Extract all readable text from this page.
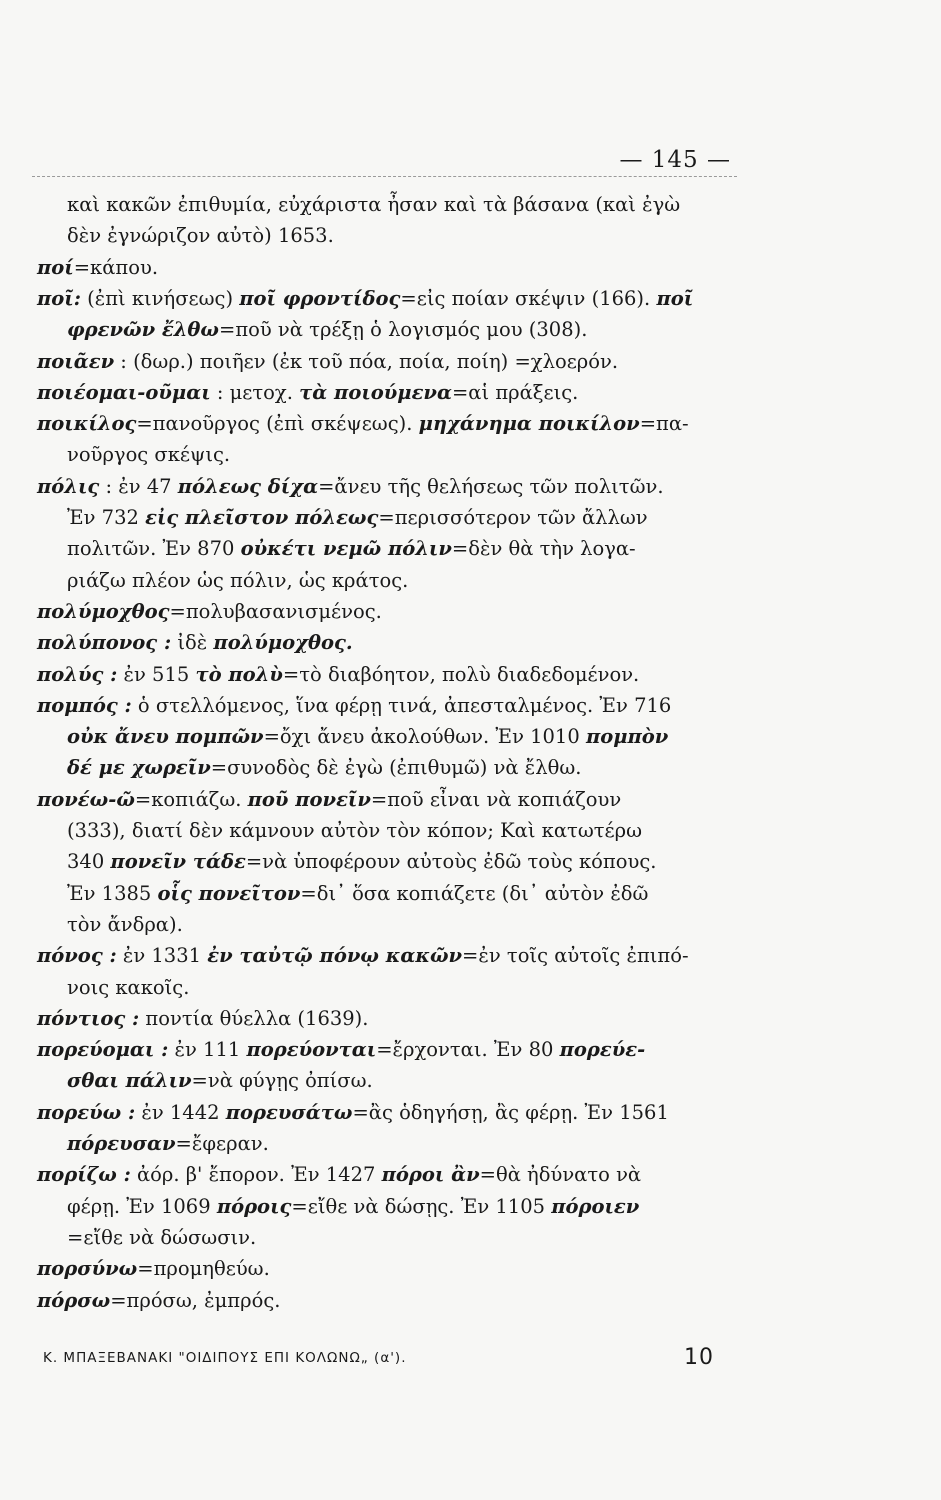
— 145 —
καὶ κακῶν ἐπιθυμία, εὐχάριστα ἦσαν καὶ τὰ βάσανα (καὶ ἐγὼ
δὲν ἐγνώριζον αὐτὸ) 1653.
ποί=κάπου.
ποῖ: (ἐπὶ κινήσεως) ποῖ φροντίδος=εἰς ποίαν σκέψιν (166). ποῖ
φρενῶν ἔλθω=ποῦ νὰ τρέξῃ ὁ λογισμός μου (308).
ποιᾶεν : (δωρ.) ποιῆεν (ἐκ τοῦ πόα, ποία, ποίη) =χλοερόν.
ποιέομαι-οῦμαι : μετοχ. τὰ ποιούμενα=αἱ πράξεις.
ποικίλος=πανοῦργος (ἐπὶ σκέψεως). μηχάνημα ποικίλον=πα-
νοῦργος σκέψις.
πόλις : ἐν 47 πόλεως δίχα=ἄνευ τῆς θελήσεως τῶν πολιτῶν.
Ἐν 732 εἰς πλεῖστον πόλεως=περισσότερον τῶν ἄλλων
πολιτῶν. Ἐν 870 οὐκέτι νεμῶ πόλιν=δὲν θὰ τὴν λογα-
ριάζω πλέον ὡς πόλιν, ὡς κράτος.
πολύμοχθος=πολυβασανισμένος.
πολύπονος : ἰδὲ πολύμοχθος.
πολύς : ἐν 515 τὸ πολὺ=τὸ διαβόητον, πολὺ διαδεδομένον.
πομπός : ὁ στελλόμενος, ἵνα φέρῃ τινά, ἀπεσταλμένος. Ἐν 716
οὐκ ἄνευ πομπῶν=ὄχι ἄνευ ἀκολούθων. Ἐν 1010 πομπὸν
δέ με χωρεῖν=συνοδὸς δὲ ἐγὼ (ἐπιθυμῶ) νὰ ἔλθω.
πονέω-ῶ=κοπιάζω. ποῦ πονεῖν=ποῦ εἶναι νὰ κοπιάζουν
(333), διατί δὲν κάμνουν αὐτὸν τὸν κόπον; Καὶ κατωτέρω
340 πονεῖν τάδε=νὰ ὑποφέρουν αὐτοὺς ἐδῶ τοὺς κόπους.
Ἐν 1385 οἷς πονεῖτον=δι᾽ ὅσα κοπιάζετε (δι᾽ αὐτὸν ἐδῶ
τὸν ἄνδρα).
πόνος : ἐν 1331 ἐν ταὐτῷ πόνῳ κακῶν=ἐν τοῖς αὐτοῖς ἐπιπό-
νοις κακοῖς.
πόντιος : ποντία θύελλα (1639).
πορεύομαι : ἐν 111 πορεύονται=ἔρχονται. Ἐν 80 πορεύε-
σθαι πάλιν=νὰ φύγῃς ὀπίσω.
πορεύω : ἐν 1442 πορευσάτω=ἂς ὁδηγήσῃ, ἂς φέρῃ. Ἐν 1561
πόρευσαν=ἔφεραν.
πορίζω : ἀόρ. β' ἔπορον. Ἐν 1427 πόροι ἂν=θὰ ἠδύνατο νὰ
φέρῃ. Ἐν 1069 πόροις=εἴθε νὰ δώσῃς. Ἐν 1105 πόροιεν
=εἴθε νὰ δώσωσιν.
πορσύνω=προμηθεύω.
πόρσω=πρόσω, ἐμπρός.
Κ. ΜΠΑΞΕΒΑΝΑΚΙ "ΟΙΔΙΠΟΥΣ ΕΠΙ ΚΟΛΩΝΩ„ (α').	10
